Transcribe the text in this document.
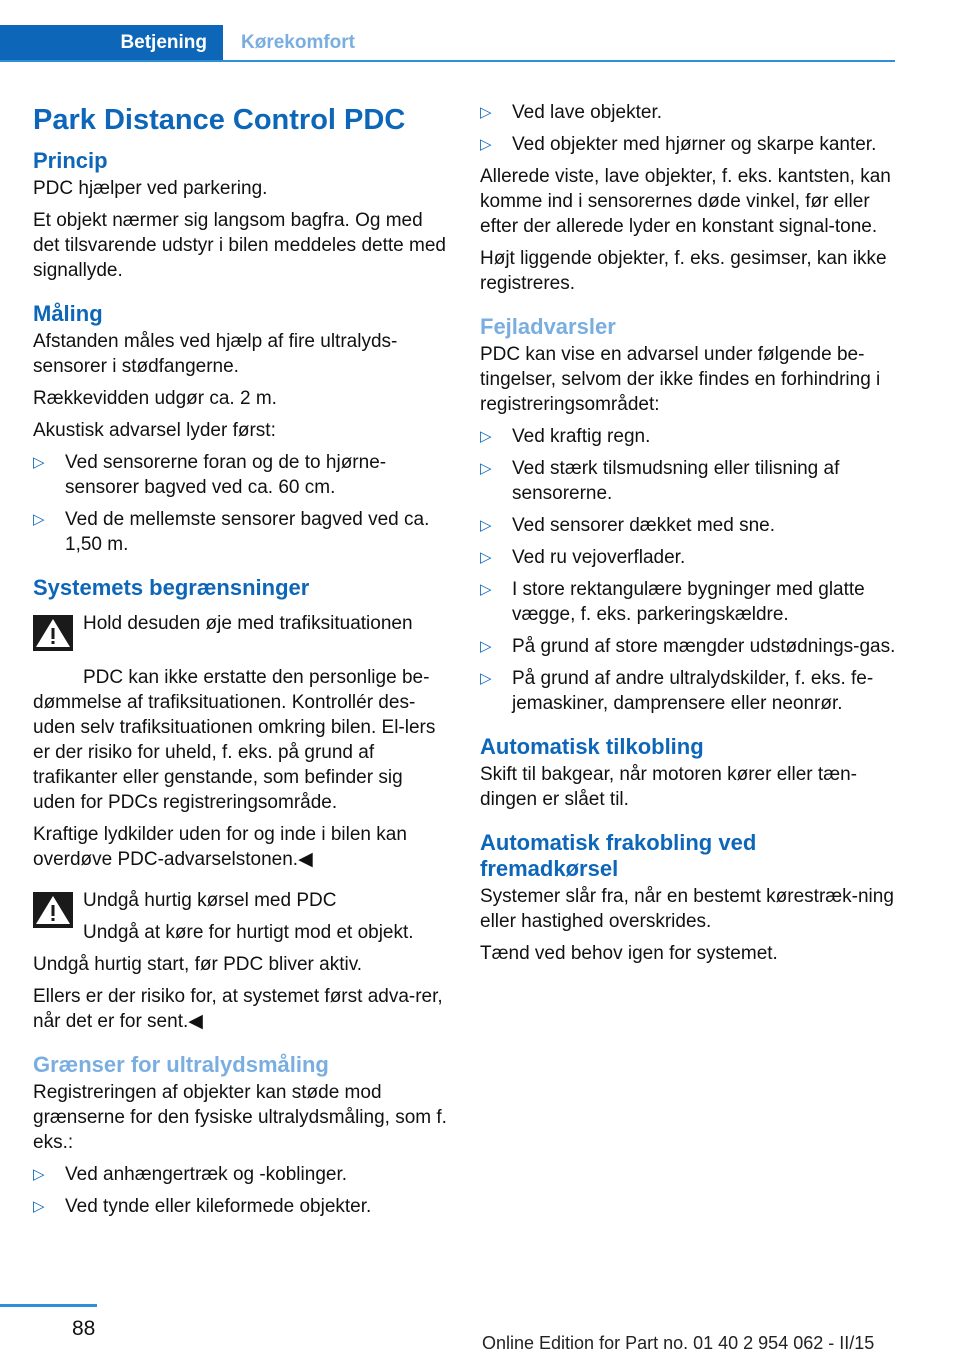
Betjening	Kørekomfort
Park Distance Control PDC
Princip

PDC hjælper ved parkering.

Et objekt nærmer sig langsom bagfra. Og med det tilsvarende udstyr i bilen meddeles dette med signallyde.

Måling

Afstanden måles ved hjælp af fire ultralyds-sensorer i stødfangerne.

Rækkevidden udgør ca. 2 m.

Akustisk advarsel lyder først:

▷ Ved sensorerne foran og de to hjørne-sensorer bagved ved ca. 60 cm.
▷ Ved de mellemste sensorer bagved ved ca. 1,50 m.
Systemets begrænsninger

Hold desuden øje med trafiksituationen

PDC kan ikke erstatte den personlige be-dømmelse af trafiksituationen. Kontrollér des-uden selv trafiksituationen omkring bilen. El-lers er der risiko for uheld, f. eks. på grund af trafikanter eller genstande, som befinder sig uden for PDCs registreringsområde.

Kraftige lydkilder uden for og inde i bilen kan overdøve PDC-advarselstonen.◀

Undgå hurtig kørsel med PDC

Undgå at køre for hurtigt mod et objekt.

Undgå hurtig start, før PDC bliver aktiv.

Ellers er der risiko for, at systemet først adva-rer, når det er for sent.◀

Grænser for ultralydsmåling

Registreringen af objekter kan støde mod grænserne for den fysiske ultralydsmåling, som f. eks.:

▷ Ved anhængertræk og -koblinger.
▷ Ved tynde eller kileformede objekter.
▷ Ved lave objekter.
▷ Ved objekter med hjørner og skarpe kanter.

Allerede viste, lave objekter, f. eks. kantsten, kan komme ind i sensorernes døde vinkel, før eller efter der allerede lyder en konstant signal-tone.

Højt liggende objekter, f. eks. gesimser, kan ikke registreres.

Fejladvarsler

PDC kan vise en advarsel under følgende be-tingelser, selvom der ikke findes en forhindring i registreringsområdet:

▷ Ved kraftig regn.
▷ Ved stærk tilsmudsning eller tilisning af sensorerne.
▷ Ved sensorer dækket med sne.
▷ Ved ru vejoverflader.
▷ I store rektangulære bygninger med glatte vægge, f. eks. parkeringskældre.
▷ På grund af store mængder udstødnings-gas.
▷ På grund af andre ultralydskilder, f. eks. fe-jemaskiner, damprensere eller neonrør.
Automatisk tilkobling

Skift til bakgear, når motoren kører eller tæn-dingen er slået til.

Automatisk frakobling ved fremadkørsel

Systemer slår fra, når en bestemt kørestræk-ning eller hastighed overskrides.

Tænd ved behov igen for systemet.

88
Online Edition for Part no. 01 40 2 954 062 - II/15
